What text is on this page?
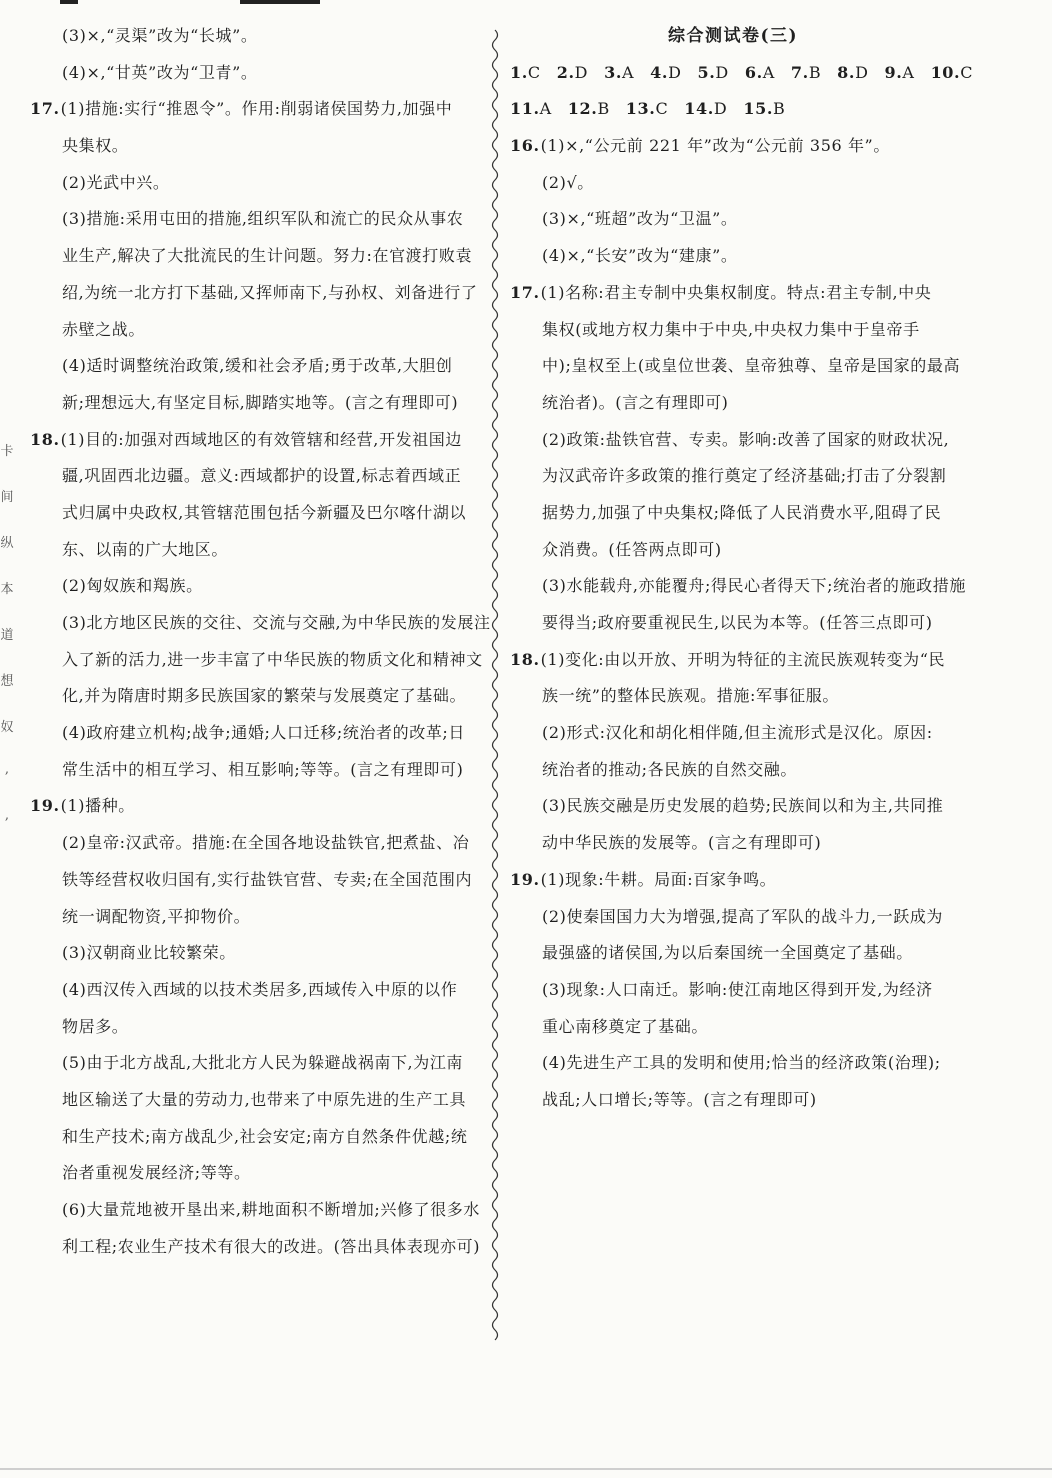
卡
间
纵
本
道
想
奴
,
,
(3)×,“灵渠”改为“长城”。
(4)×,“甘英”改为“卫青”。
17.(1)措施:实行“推恩令”。作用:削弱诸侯国势力,加强中
央集权。
(2)光武中兴。
(3)措施:采用屯田的措施,组织军队和流亡的民众从事农
业生产,解决了大批流民的生计问题。努力:在官渡打败袁
绍,为统一北方打下基础,又挥师南下,与孙权、刘备进行了
赤壁之战。
(4)适时调整统治政策,缓和社会矛盾;勇于改革,大胆创
新;理想远大,有坚定目标,脚踏实地等。(言之有理即可)
18.(1)目的:加强对西域地区的有效管辖和经营,开发祖国边
疆,巩固西北边疆。意义:西域都护的设置,标志着西域正
式归属中央政权,其管辖范围包括今新疆及巴尔喀什湖以
东、以南的广大地区。
(2)匈奴族和羯族。
(3)北方地区民族的交往、交流与交融,为中华民族的发展注
入了新的活力,进一步丰富了中华民族的物质文化和精神文
化,并为隋唐时期多民族国家的繁荣与发展奠定了基础。
(4)政府建立机构;战争;通婚;人口迁移;统治者的改革;日
常生活中的相互学习、相互影响;等等。(言之有理即可)
19.(1)播种。
(2)皇帝:汉武帝。措施:在全国各地设盐铁官,把煮盐、冶
铁等经营权收归国有,实行盐铁官营、专卖;在全国范围内
统一调配物资,平抑物价。
(3)汉朝商业比较繁荣。
(4)西汉传入西域的以技术类居多,西域传入中原的以作
物居多。
(5)由于北方战乱,大批北方人民为躲避战祸南下,为江南
地区输送了大量的劳动力,也带来了中原先进的生产工具
和生产技术;南方战乱少,社会安定;南方自然条件优越;统
治者重视发展经济;等等。
(6)大量荒地被开垦出来,耕地面积不断增加;兴修了很多水
利工程;农业生产技术有很大的改进。(答出具体表现亦可)
综合测试卷(三)
1.C 2.D 3.A 4.D 5.D 6.A 7.B 8.D 9.A 10.C
11.A 12.B 13.C 14.D 15.B
16.(1)×,“公元前 221 年”改为“公元前 356 年”。
(2)√。
(3)×,“班超”改为“卫温”。
(4)×,“长安”改为“建康”。
17.(1)名称:君主专制中央集权制度。特点:君主专制,中央
集权(或地方权力集中于中央,中央权力集中于皇帝手
中);皇权至上(或皇位世袭、皇帝独尊、皇帝是国家的最高
统治者)。(言之有理即可)
(2)政策:盐铁官营、专卖。影响:改善了国家的财政状况,
为汉武帝许多政策的推行奠定了经济基础;打击了分裂割
据势力,加强了中央集权;降低了人民消费水平,阻碍了民
众消费。(任答两点即可)
(3)水能载舟,亦能覆舟;得民心者得天下;统治者的施政措施
要得当;政府要重视民生,以民为本等。(任答三点即可)
18.(1)变化:由以开放、开明为特征的主流民族观转变为“民
族一统”的整体民族观。措施:军事征服。
(2)形式:汉化和胡化相伴随,但主流形式是汉化。原因:
统治者的推动;各民族的自然交融。
(3)民族交融是历史发展的趋势;民族间以和为主,共同推
动中华民族的发展等。(言之有理即可)
19.(1)现象:牛耕。局面:百家争鸣。
(2)使秦国国力大为增强,提高了军队的战斗力,一跃成为
最强盛的诸侯国,为以后秦国统一全国奠定了基础。
(3)现象:人口南迁。影响:使江南地区得到开发,为经济
重心南移奠定了基础。
(4)先进生产工具的发明和使用;恰当的经济政策(治理);
战乱;人口增长;等等。(言之有理即可)
